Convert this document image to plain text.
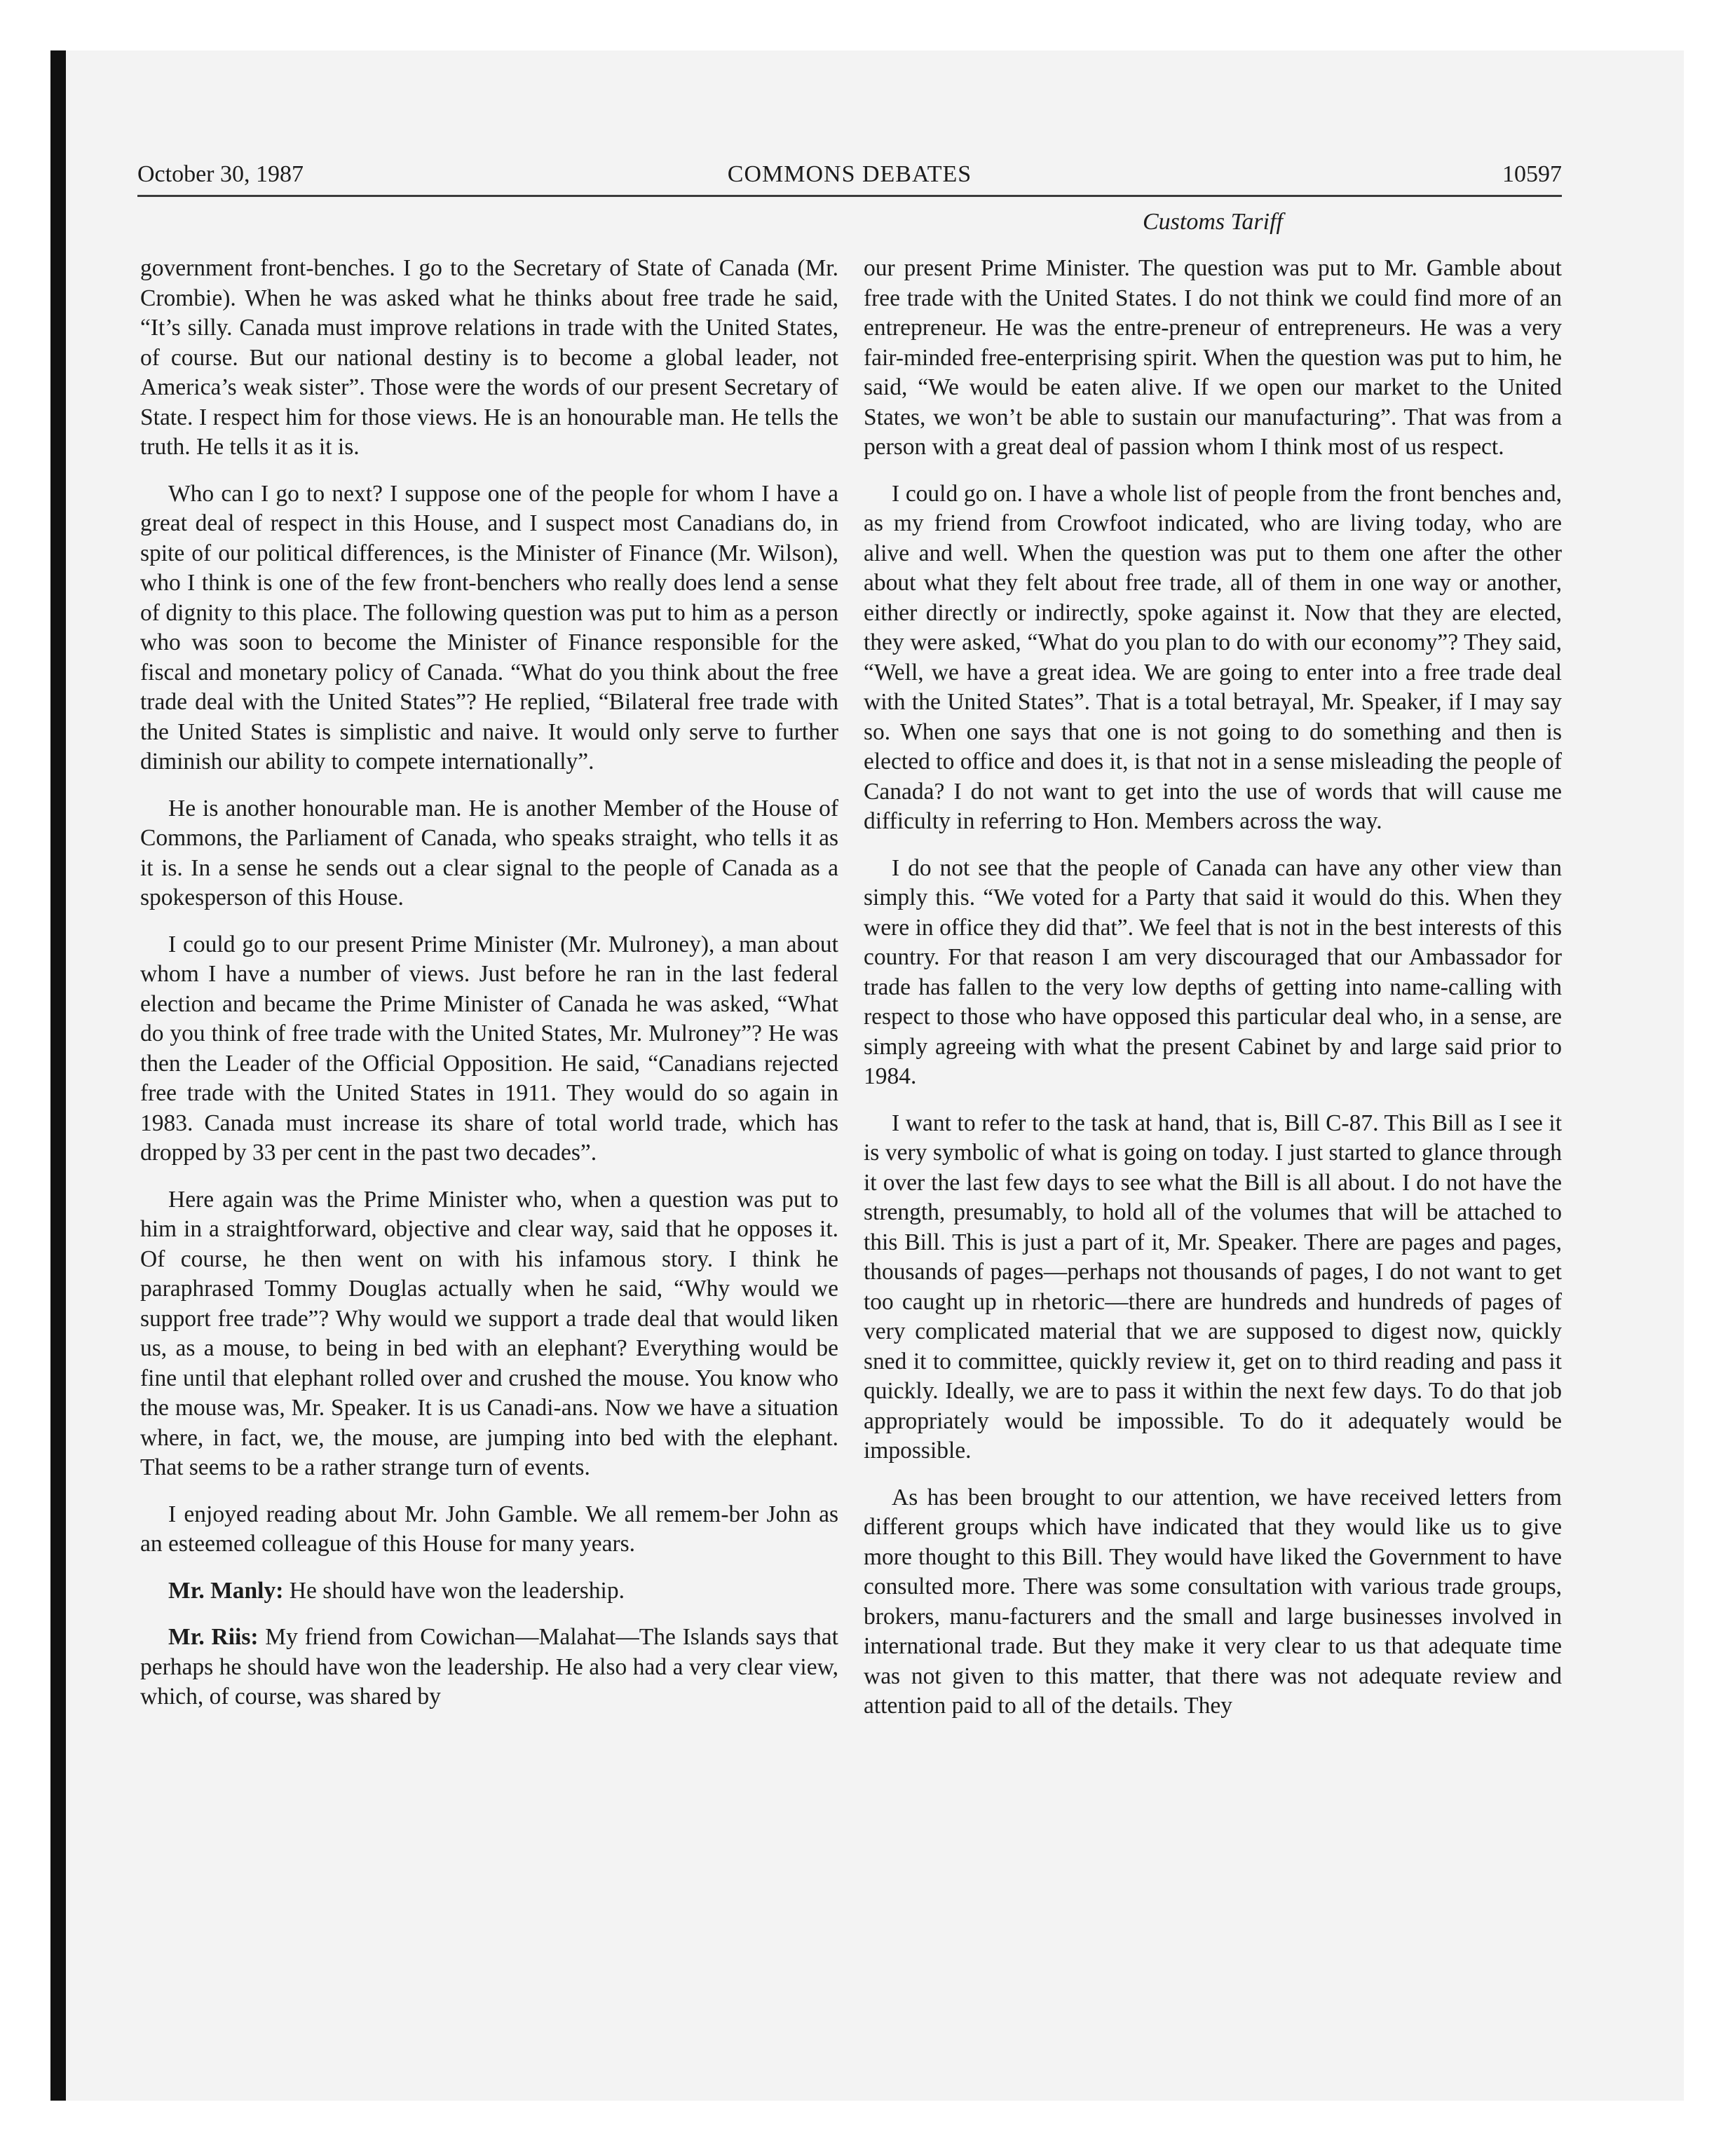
October 30, 1987	COMMONS DEBATES	10597
Customs Tariff

government front-benches. I go to the Secretary of State of Canada (Mr. Crombie). When he was asked what he thinks about free trade he said, “It’s silly. Canada must improve relations in trade with the United States, of course. But our national destiny is to become a global leader, not America’s weak sister”. Those were the words of our present Secretary of State. I respect him for those views. He is an honourable man. He tells the truth. He tells it as it is.

Who can I go to next? I suppose one of the people for whom I have a great deal of respect in this House, and I suspect most Canadians do, in spite of our political differences, is the Minister of Finance (Mr. Wilson), who I think is one of the few front-benchers who really does lend a sense of dignity to this place. The following question was put to him as a person who was soon to become the Minister of Finance responsible for the fiscal and monetary policy of Canada. “What do you think about the free trade deal with the United States”? He replied, “Bilateral free trade with the United States is simplistic and naive. It would only serve to further diminish our ability to compete internationally”.

He is another honourable man. He is another Member of the House of Commons, the Parliament of Canada, who speaks straight, who tells it as it is. In a sense he sends out a clear signal to the people of Canada as a spokesperson of this House.

I could go to our present Prime Minister (Mr. Mulroney), a man about whom I have a number of views. Just before he ran in the last federal election and became the Prime Minister of Canada he was asked, “What do you think of free trade with the United States, Mr. Mulroney”? He was then the Leader of the Official Opposition. He said, “Canadians rejected free trade with the United States in 1911. They would do so again in 1983. Canada must increase its share of total world trade, which has dropped by 33 per cent in the past two decades”.

Here again was the Prime Minister who, when a question was put to him in a straightforward, objective and clear way, said that he opposes it. Of course, he then went on with his infamous story. I think he paraphrased Tommy Douglas actually when he said, “Why would we support free trade”? Why would we support a trade deal that would liken us, as a mouse, to being in bed with an elephant? Everything would be fine until that elephant rolled over and crushed the mouse. You know who the mouse was, Mr. Speaker. It is us Canadi-ans. Now we have a situation where, in fact, we, the mouse, are jumping into bed with the elephant. That seems to be a rather strange turn of events.

I enjoyed reading about Mr. John Gamble. We all remem-ber John as an esteemed colleague of this House for many years.

Mr. Manly: He should have won the leadership.

Mr. Riis: My friend from Cowichan—Malahat—The Islands says that perhaps he should have won the leadership. He also had a very clear view, which, of course, was shared by

our present Prime Minister. The question was put to Mr. Gamble about free trade with the United States. I do not think we could find more of an entrepreneur. He was the entre-preneur of entrepreneurs. He was a very fair-minded free-enterprising spirit. When the question was put to him, he said, “We would be eaten alive. If we open our market to the United States, we won’t be able to sustain our manufacturing”. That was from a person with a great deal of passion whom I think most of us respect.

I could go on. I have a whole list of people from the front benches and, as my friend from Crowfoot indicated, who are living today, who are alive and well. When the question was put to them one after the other about what they felt about free trade, all of them in one way or another, either directly or indirectly, spoke against it. Now that they are elected, they were asked, “What do you plan to do with our economy”? They said, “Well, we have a great idea. We are going to enter into a free trade deal with the United States”. That is a total betrayal, Mr. Speaker, if I may say so. When one says that one is not going to do something and then is elected to office and does it, is that not in a sense misleading the people of Canada? I do not want to get into the use of words that will cause me difficulty in referring to Hon. Members across the way.

I do not see that the people of Canada can have any other view than simply this. “We voted for a Party that said it would do this. When they were in office they did that”. We feel that is not in the best interests of this country. For that reason I am very discouraged that our Ambassador for trade has fallen to the very low depths of getting into name-calling with respect to those who have opposed this particular deal who, in a sense, are simply agreeing with what the present Cabinet by and large said prior to 1984.

I want to refer to the task at hand, that is, Bill C-87. This Bill as I see it is very symbolic of what is going on today. I just started to glance through it over the last few days to see what the Bill is all about. I do not have the strength, presumably, to hold all of the volumes that will be attached to this Bill. This is just a part of it, Mr. Speaker. There are pages and pages, thousands of pages—perhaps not thousands of pages, I do not want to get too caught up in rhetoric—there are hundreds and hundreds of pages of very complicated material that we are supposed to digest now, quickly sned it to committee, quickly review it, get on to third reading and pass it quickly. Ideally, we are to pass it within the next few days. To do that job appropriately would be impossible. To do it adequately would be impossible.

As has been brought to our attention, we have received letters from different groups which have indicated that they would like us to give more thought to this Bill. They would have liked the Government to have consulted more. There was some consultation with various trade groups, brokers, manu-facturers and the small and large businesses involved in international trade. But they make it very clear to us that adequate time was not given to this matter, that there was not adequate review and attention paid to all of the details. They
